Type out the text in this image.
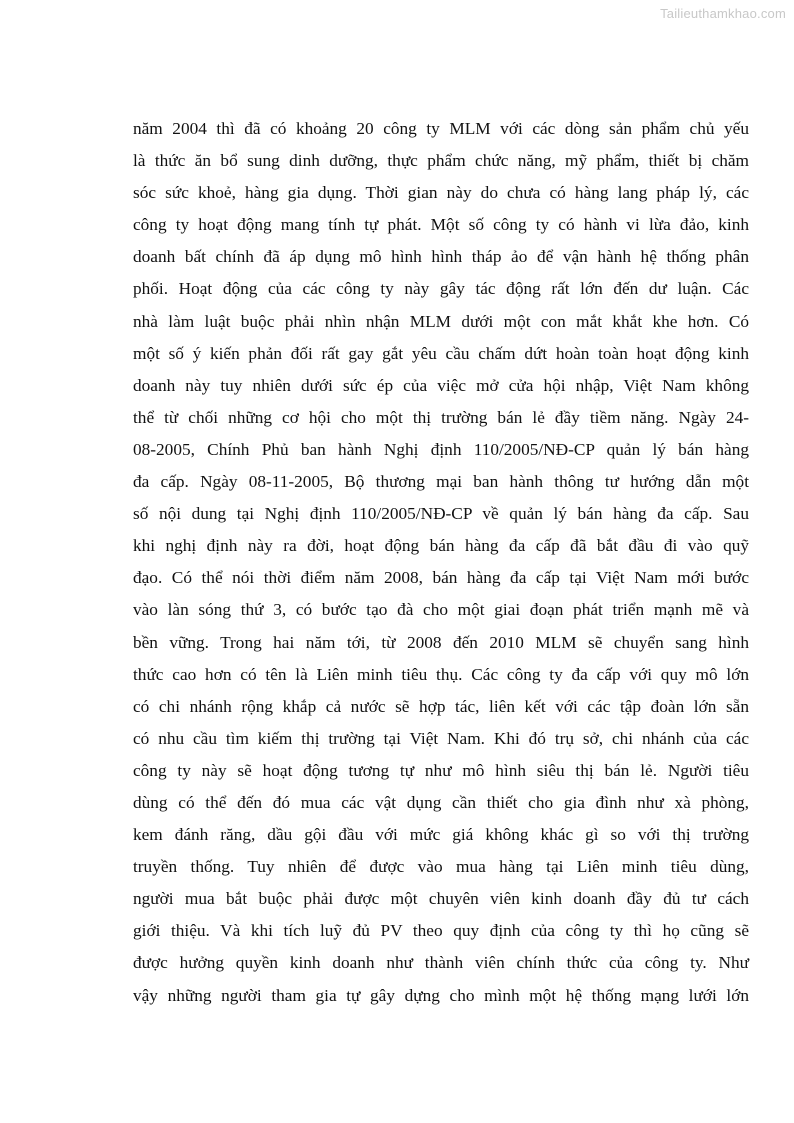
Tailieuthamkhao.com
năm 2004 thì đã có khoảng 20 công ty MLM với các dòng sản phẩm chủ yếu
là thức ăn bổ sung dinh dưỡng, thực phẩm chức năng, mỹ phẩm, thiết bị chăm
sóc sức khoẻ, hàng gia dụng. Thời gian này do chưa có hàng lang pháp lý, các
công ty hoạt động mang tính tự phát. Một số công ty có hành vi lừa đảo, kinh
doanh bất chính đã áp dụng mô hình hình tháp ảo để vận hành hệ thống phân
phối. Hoạt động của các công ty này gây tác động rất lớn đến dư luận. Các
nhà làm luật buộc phải nhìn nhận MLM dưới một con mắt khắt khe hơn. Có
một số ý kiến phản đối rất gay gắt yêu cầu chấm dứt hoàn toàn hoạt động kinh
doanh này tuy nhiên dưới sức ép của việc mở cửa hội nhập, Việt Nam không
thể từ chối những cơ hội cho một thị trường bán lẻ đầy tiềm năng. Ngày 24-
08-2005, Chính Phủ ban hành Nghị định 110/2005/NĐ-CP quản lý bán hàng
đa cấp. Ngày 08-11-2005, Bộ thương mại ban hành thông tư hướng dẫn một
số nội dung tại Nghị định 110/2005/NĐ-CP về quản lý bán hàng đa cấp. Sau
khi nghị định này ra đời, hoạt động bán hàng đa cấp đã bắt đầu đi vào quỹ
đạo. Có thể nói thời điểm năm 2008, bán hàng đa cấp tại Việt Nam mới bước
vào làn sóng thứ 3, có bước tạo đà cho một giai đoạn phát triển mạnh mẽ và
bền vững. Trong hai năm tới, từ 2008 đến 2010 MLM sẽ chuyển sang hình
thức cao hơn có tên là Liên minh tiêu thụ. Các công ty đa cấp với quy mô lớn
có chi nhánh rộng khắp cả nước sẽ hợp tác, liên kết với các tập đoàn lớn sẵn
có nhu cầu tìm kiếm thị trường tại Việt Nam. Khi đó trụ sở, chi nhánh của các
công ty này sẽ hoạt động tương tự như mô hình siêu thị bán lẻ. Người tiêu
dùng có thể đến đó mua các vật dụng cần thiết cho gia đình như xà phòng,
kem đánh răng, dầu gội đầu với mức giá không khác gì so với thị trường
truyền thống. Tuy nhiên để được vào mua hàng tại Liên minh tiêu dùng,
người mua bắt buộc phải được một chuyên viên kinh doanh đầy đủ tư cách
giới thiệu. Và khi tích luỹ đủ PV theo quy định của công ty thì họ cũng sẽ
được hưởng quyền kinh doanh như thành viên chính thức của công ty. Như
vậy những người tham gia tự gây dựng cho mình một hệ thống mạng lưới lớn
